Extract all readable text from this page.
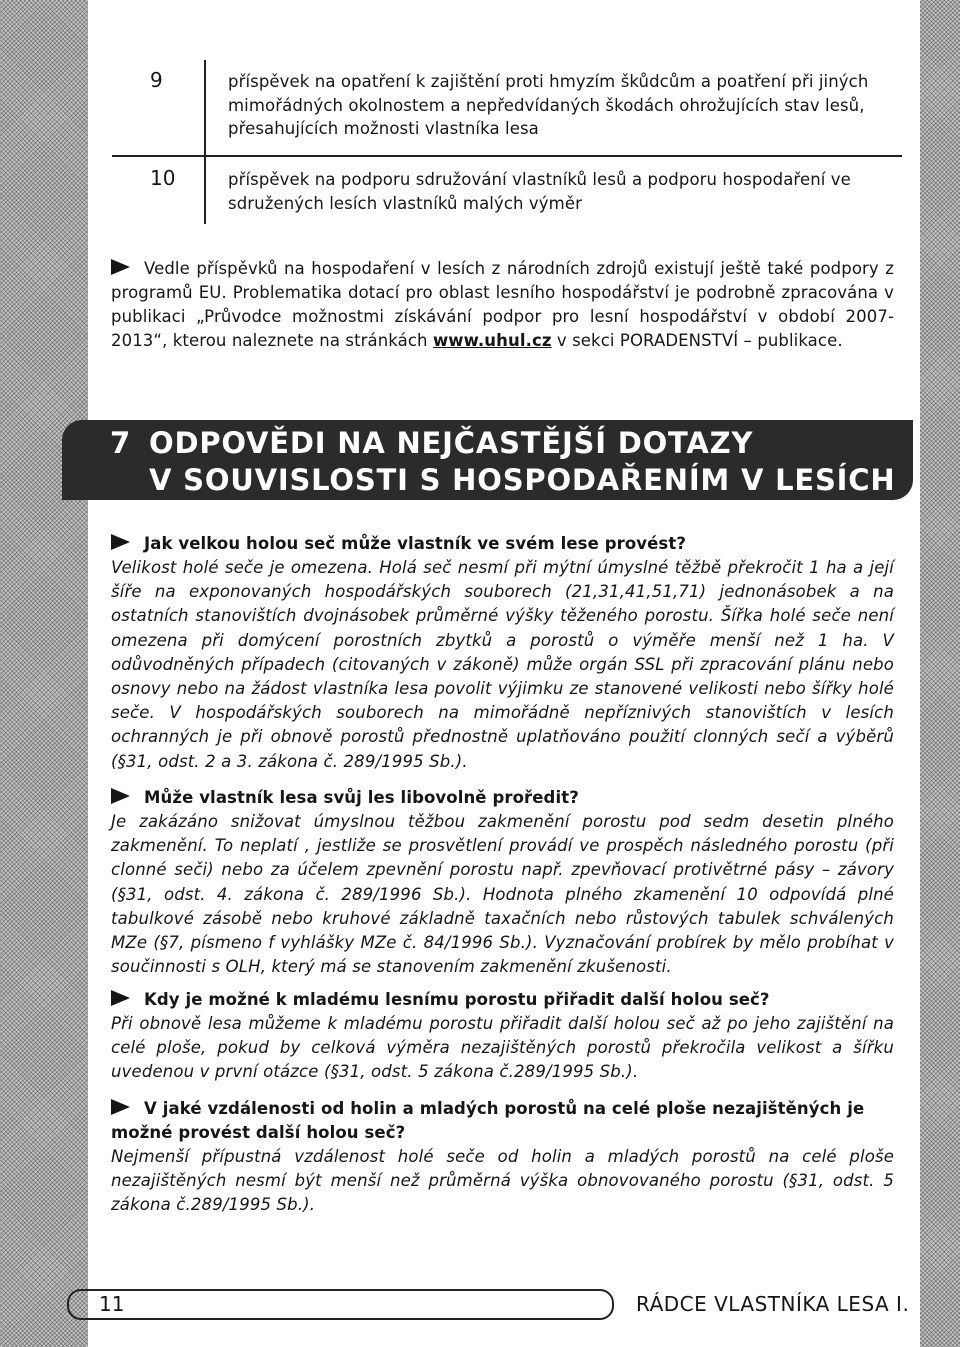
9	příspěvek na opatření k zajištění proti hmyzím škůdcům a poatření při jiných mimořádných okolnostem a nepředvídaných škodách ohrožujících stav lesů, přesahujících možnosti vlastníka lesa
10	příspěvek na podporu sdružování vlastníků lesů a podporu hospodaření ve sdružených lesích vlastníků malých výměr
Vedle příspěvků na hospodaření v lesích z národních zdrojů existují ještě také podpory z programů EU. Problematika dotací pro oblast lesního hospodářství je podrobně zpracována v publikaci „Průvodce možnostmi získávání podpor pro lesní hospodářství v období 2007-2013“, kterou naleznete na stránkách www.uhul.cz v sekci PORADENSTVÍ – publikace.
7 ODPOVĚDI NA NEJČASTĚJŠÍ DOTAZY
V SOUVISLOSTI S HOSPODAŘENÍM V LESÍCH
Jak velkou holou seč může vlastník ve svém lese provést?
Velikost holé seče je omezena. Holá seč nesmí při mýtní úmyslné těžbě překročit 1 ha a její šíře na exponovaných hospodářských souborech (21,31,41,51,71) jednonásobek a na ostatních stanovištích dvojnásobek průměrné výšky těženého porostu. Šířka holé seče není omezena při domýcení porostních zbytků a porostů o výměře menší než 1 ha. V odůvodněných případech (citovaných v zákoně) může orgán SSL při zpracování plánu nebo osnovy nebo na žádost vlastníka lesa povolit výjimku ze stanovené velikosti nebo šířky holé seče. V hospodářských souborech na mimořádně nepříznivých stanovištích v lesích ochranných je při obnově porostů přednostně uplatňováno použití clonných sečí a výběrů (§31, odst. 2 a 3. zákona č. 289/1995 Sb.).
Může vlastník lesa svůj les libovolně proředit?
Je zakázáno snižovat úmyslnou těžbou zakmenění porostu pod sedm desetin plného zakmenění. To neplatí , jestliže se prosvětlení provádí ve prospěch následného porostu (při clonné seči) nebo za účelem zpevnění porostu např. zpevňovací protivětrné pásy – závory (§31, odst. 4. zákona č. 289/1996 Sb.). Hodnota plného zkamenění 10 odpovídá plné tabulkové zásobě nebo kruhové základně taxačních nebo růstových tabulek schválených MZe (§7, písmeno f vyhlášky MZe č. 84/1996 Sb.). Vyznačování probírek by mělo probíhat v součinnosti s OLH, který má se stanovením zakmenění zkušenosti.
Kdy je možné k mladému lesnímu porostu přiřadit další holou seč?
Při obnově lesa můžeme k mladému porostu přiřadit další holou seč až po jeho zajištění na celé ploše, pokud by celková výměra nezajištěných porostů překročila velikost a šířku uvedenou v první otázce (§31, odst. 5 zákona č.289/1995 Sb.).
V jaké vzdálenosti od holin a mladých porostů na celé ploše nezajištěných je možné provést další holou seč?
Nejmenší přípustná vzdálenost holé seče od holin a mladých porostů na celé ploše nezajištěných nesmí být menší než průměrná výška obnovovaného porostu (§31, odst. 5 zákona č.289/1995 Sb.).
11	RÁDCE VLASTNÍKA LESA I.
